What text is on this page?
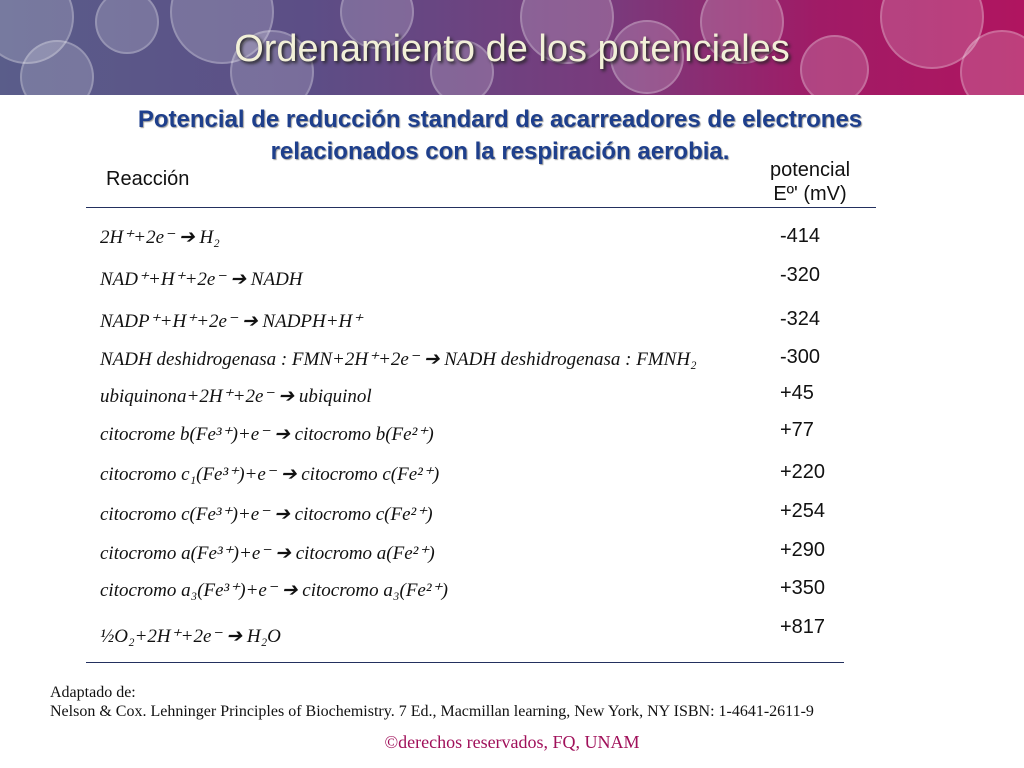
Ordenamiento de los potenciales
Potencial de reducción standard de acarreadores de electrones
relacionados con la respiración aerobia.
Reacción	potencial
Eº' (mV)
2H⁺+2e⁻ ➔ H₂	-414
NAD⁺+H⁺+2e⁻ ➔ NADH	-320
NADP⁺+H⁺+2e⁻ ➔ NADPH+H⁺	-324
NADH deshidrogenasa : FMN+2H⁺+2e⁻ ➔ NADH deshidrogenasa : FMNH₂	-300
ubiquinona+2H⁺+2e⁻ ➔ ubiquinol	+45
citocrome b(Fe³⁺)+e⁻ ➔ citocromo b(Fe²⁺)	+77
citocromo c₁(Fe³⁺)+e⁻ ➔ citocromo c(Fe²⁺)	+220
citocromo c(Fe³⁺)+e⁻ ➔ citocromo c(Fe²⁺)	+254
citocromo a(Fe³⁺)+e⁻ ➔ citocromo a(Fe²⁺)	+290
citocromo a₃(Fe³⁺)+e⁻ ➔ citocromo a₃(Fe²⁺)	+350
½O₂+2H⁺+2e⁻ ➔ H₂O	+817
Adaptado de:
Nelson & Cox. Lehninger Principles of Biochemistry. 7 Ed., Macmillan learning, New York, NY ISBN: 1-4641-2611-9
©derechos reservados, FQ, UNAM
